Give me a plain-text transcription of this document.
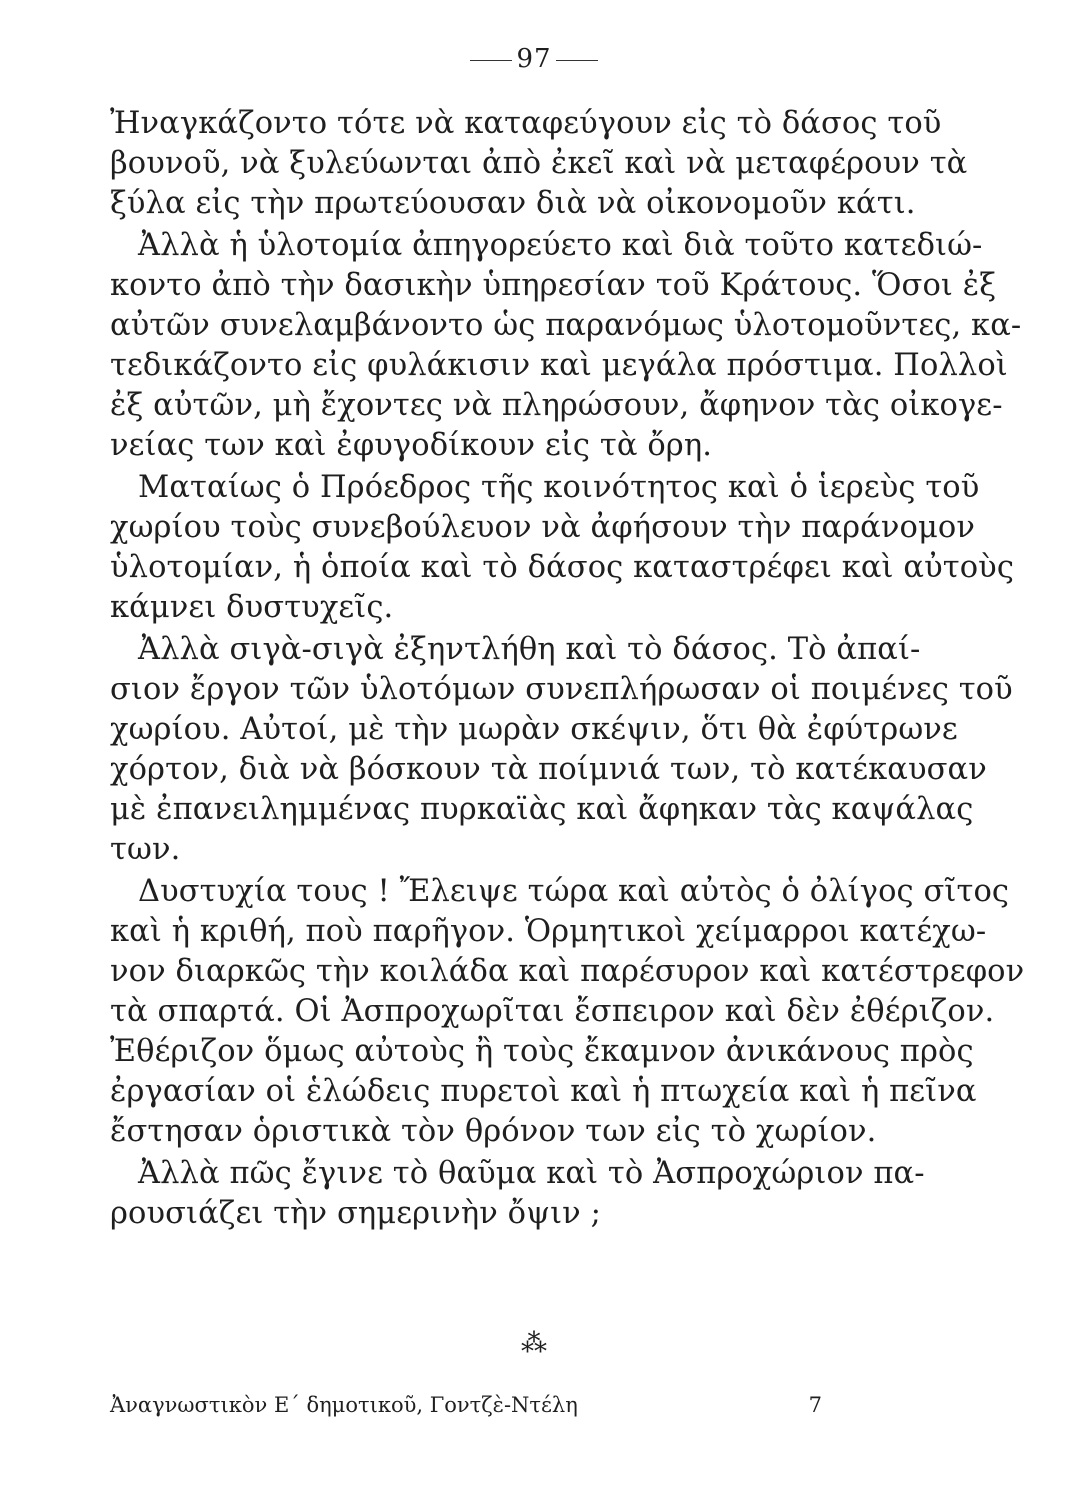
97
Ἠναγκάζοντο τότε νὰ καταφεύγουν εἰς τὸ δάσος τοῦ
βουνοῦ, νὰ ξυλεύωνται ἀπὸ ἐκεῖ καὶ νὰ μεταφέρουν τὰ
ξύλα εἰς τὴν πρωτεύουσαν διὰ νὰ οἰκονομοῦν κάτι.
Ἀλλὰ ἡ ὑλοτομία ἀπηγορεύετο καὶ διὰ τοῦτο κατεδιώ-
κοντο ἀπὸ τὴν δασικὴν ὑπηρεσίαν τοῦ Κράτους. Ὅσοι ἐξ
αὐτῶν συνελαμβάνοντο ὡς παρανόμως ὑλοτομοῦντες, κα-
τεδικάζοντο εἰς φυλάκισιν καὶ μεγάλα πρόστιμα. Πολλοὶ
ἐξ αὐτῶν, μὴ ἔχοντες νὰ πληρώσουν, ἄφηνον τὰς οἰκογε-
νείας των καὶ ἐφυγοδίκουν εἰς τὰ ὄρη.
Ματαίως ὁ Πρόεδρος τῆς κοινότητος καὶ ὁ ἱερεὺς τοῦ
χωρίου τοὺς συνεβούλευον νὰ ἀφήσουν τὴν παράνομον
ὑλοτομίαν, ἡ ὁποία καὶ τὸ δάσος καταστρέφει καὶ αὐτοὺς
κάμνει δυστυχεῖς.
Ἀλλὰ σιγὰ-σιγὰ ἐξηντλήθη καὶ τὸ δάσος. Τὸ ἀπαί-
σιον ἔργον τῶν ὑλοτόμων συνεπλήρωσαν οἱ ποιμένες τοῦ
χωρίου. Αὐτοί, μὲ τὴν μωρὰν σκέψιν, ὅτι θὰ ἐφύτρωνε
χόρτον, διὰ νὰ βόσκουν τὰ ποίμνιά των, τὸ κατέκαυσαν
μὲ ἐπανειλημμένας πυρκαϊὰς καὶ ἄφηκαν τὰς καψάλας
των.
Δυστυχία τους ! Ἔλειψε τώρα καὶ αὐτὸς ὁ ὀλίγος σῖτος
καὶ ἡ κριθή, ποὺ παρῆγον. Ὁρμητικοὶ χείμαρροι κατέχω-
νον διαρκῶς τὴν κοιλάδα καὶ παρέσυρον καὶ κατέστρεφον
τὰ σπαρτά. Οἱ Ἀσπροχωρῖται ἔσπειρον καὶ δὲν ἐθέριζον.
Ἐθέριζον ὅμως αὐτοὺς ἢ τοὺς ἔκαμνον ἀνικάνους πρὸς
ἐργασίαν οἱ ἑλώδεις πυρετοὶ καὶ ἡ πτωχεία καὶ ἡ πεῖνα
ἔστησαν ὁριστικὰ τὸν θρόνον των εἰς τὸ χωρίον.
Ἀλλὰ πῶς ἔγινε τὸ θαῦμα καὶ τὸ Ἀσπροχώριον πα-
ρουσιάζει τὴν σημερινὴν ὄψιν ;
⁂
Ἀναγνωστικὸν Ε΄ δημοτικοῦ, Γοντζὲ-Ντέλη	7
